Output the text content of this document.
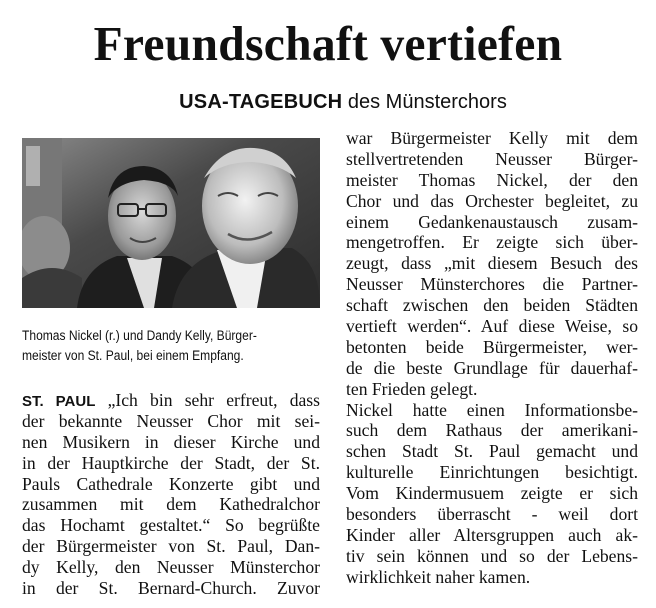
Freundschaft vertiefen

USA-TAGEBUCH des Münsterchors

Thomas Nickel (r.) und Dandy Kelly, Bürger-
meister von St. Paul, bei einem Empfang.
ST. PAUL „Ich bin sehr erfreut, dass
der bekannte Neusser Chor mit sei-
nen Musikern in dieser Kirche und
in der Hauptkirche der Stadt, der St.
Pauls Cathedrale Konzerte gibt und
zusammen mit dem Kathedralchor
das Hochamt gestaltet.“ So begrüßte
der Bürgermeister von St. Paul, Dan-
dy Kelly, den Neusser Münsterchor
in der St. Bernard-Church. Zuvor
war Bürgermeister Kelly mit dem
stellvertretenden Neusser Bürger-
meister Thomas Nickel, der den
Chor und das Orchester begleitet, zu
einem Gedankenaustausch zusam-
mengetroffen. Er zeigte sich über-
zeugt, dass „mit diesem Besuch des
Neusser Münsterchores die Partner-
schaft zwischen den beiden Städten
vertieft werden“. Auf diese Weise, so
betonten beide Bürgermeister, wer-
de die beste Grundlage für dauerhaf-
ten Frieden gelegt.
Nickel hatte einen Informationsbe-
such dem Rathaus der amerikani-
schen Stadt St. Paul gemacht und
kulturelle Einrichtungen besichtigt.
Vom Kindermusuem zeigte er sich
besonders überrascht - weil dort
Kinder aller Altersgruppen auch ak-
tiv sein können und so der Lebens-
wirklichkeit naher kamen.
